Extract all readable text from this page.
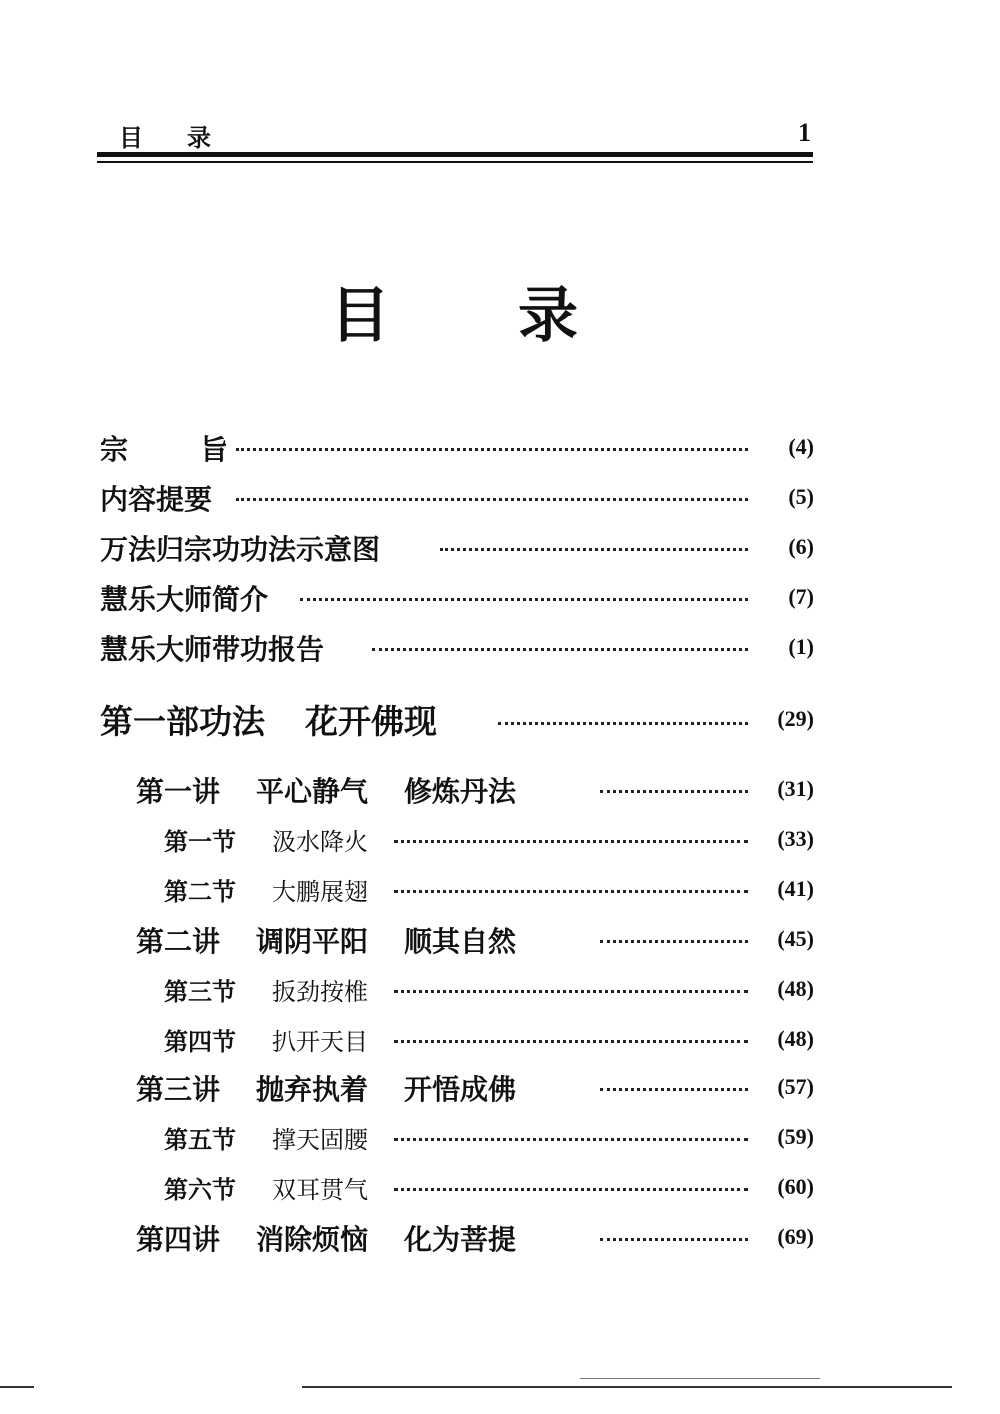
目录	1
目录
宗	旨	(4)
内容提要	(5)
万法归宗功功法示意图	(6)
慧乐大师简介	(7)
慧乐大师带功报告	(1)
第一部功法 花开佛现	(29)
第一讲 平心静气 修炼丹法	(31)
第一节 汲水降火	(33)
第二节 大鹏展翅	(41)
第二讲 调阴平阳 顺其自然	(45)
第三节 扳劲按椎	(48)
第四节 扒开天目	(48)
第三讲 抛弃执着 开悟成佛	(57)
第五节 撑天固腰	(59)
第六节 双耳贯气	(60)
第四讲 消除烦恼 化为菩提	(69)
